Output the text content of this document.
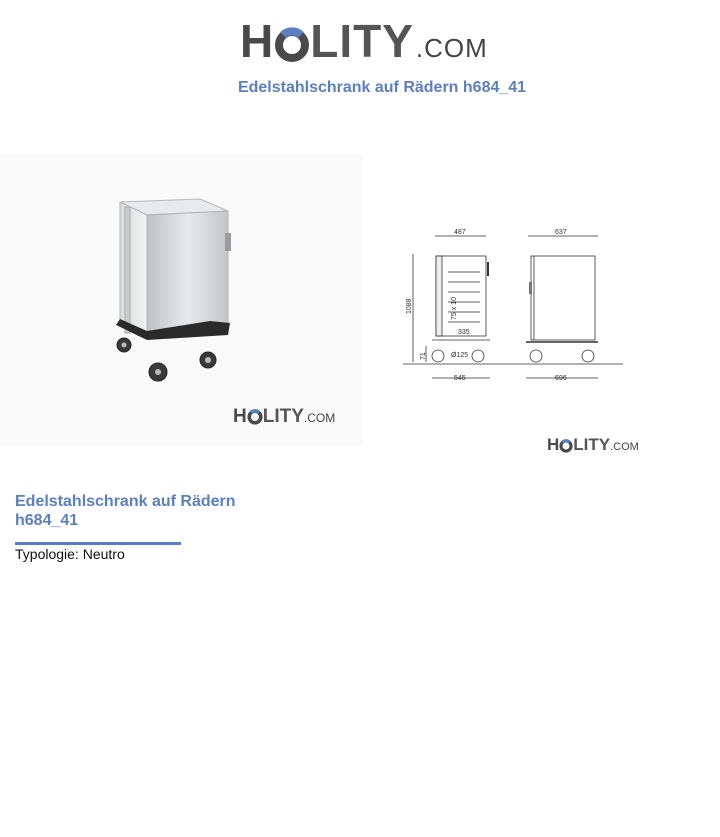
H LITY .COM
Edelstahlschrank auf Rädern h684_41
H LITY .COM
487
335
75 x 10
Ø125
1088
71
545
637
696
H LITY .COM
Edelstahlschrank auf Rädern h684_41
Typologie: Neutro
